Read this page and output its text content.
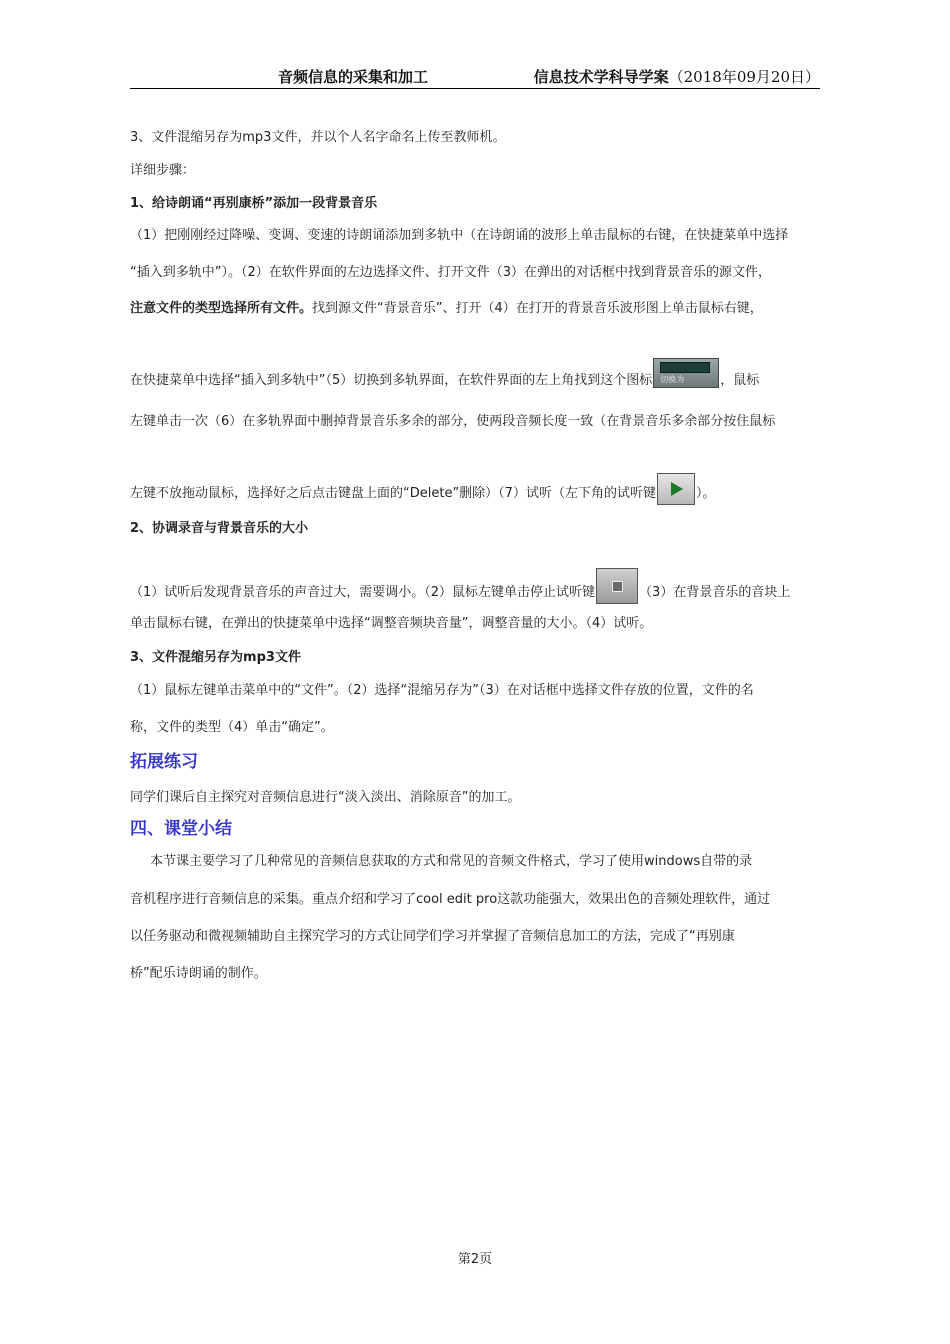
音频信息的采集和加工	信息技术学科导学案（2018年09月20日）
3、文件混缩另存为mp3文件，并以个人名字命名上传至教师机。
详细步骤：
1、给诗朗诵“再别康桥”添加一段背景音乐
（1）把刚刚经过降噪、变调、变速的诗朗诵添加到多轨中（在诗朗诵的波形上单击鼠标的右键，在快捷菜单中选择
“插入到多轨中”）。（2）在软件界面的左边选择文件、打开文件（3）在弹出的对话框中找到背景音乐的源文件，
注意文件的类型选择所有文件。找到源文件“背景音乐”、打开（4）在打开的背景音乐波形图上单击鼠标右键，
在快捷菜单中选择“插入到多轨中”（5）切换到多轨界面，在软件界面的左上角找到这个图标 切换为	，鼠标
左键单击一次（6）在多轨界面中删掉背景音乐多余的部分，使两段音频长度一致（在背景音乐多余部分按住鼠标
左键不放拖动鼠标，选择好之后点击键盘上面的“Delete”删除）（7）试听（左下角的试听键	）。
2、协调录音与背景音乐的大小
（1）试听后发现背景音乐的声音过大，需要调小。（2）鼠标左键单击停止试听键	（3）在背景音乐的音块上
单击鼠标右键，在弹出的快捷菜单中选择“调整音频块音量”，调整音量的大小。（4）试听。
3、文件混缩另存为mp3文件
（1）鼠标左键单击菜单中的“文件”。（2）选择“混缩另存为”（3）在对话框中选择文件存放的位置，文件的名
称，文件的类型（4）单击“确定”。
拓展练习
同学们课后自主探究对音频信息进行“淡入淡出、消除原音”的加工。
四、课堂小结
本节课主要学习了几种常见的音频信息获取的方式和常见的音频文件格式，学习了使用windows自带的录
音机程序进行音频信息的采集。重点介绍和学习了cool edit pro这款功能强大，效果出色的音频处理软件，通过
以任务驱动和微视频辅助自主探究学习的方式让同学们学习并掌握了音频信息加工的方法，完成了“再别康
桥”配乐诗朗诵的制作。
第2页
